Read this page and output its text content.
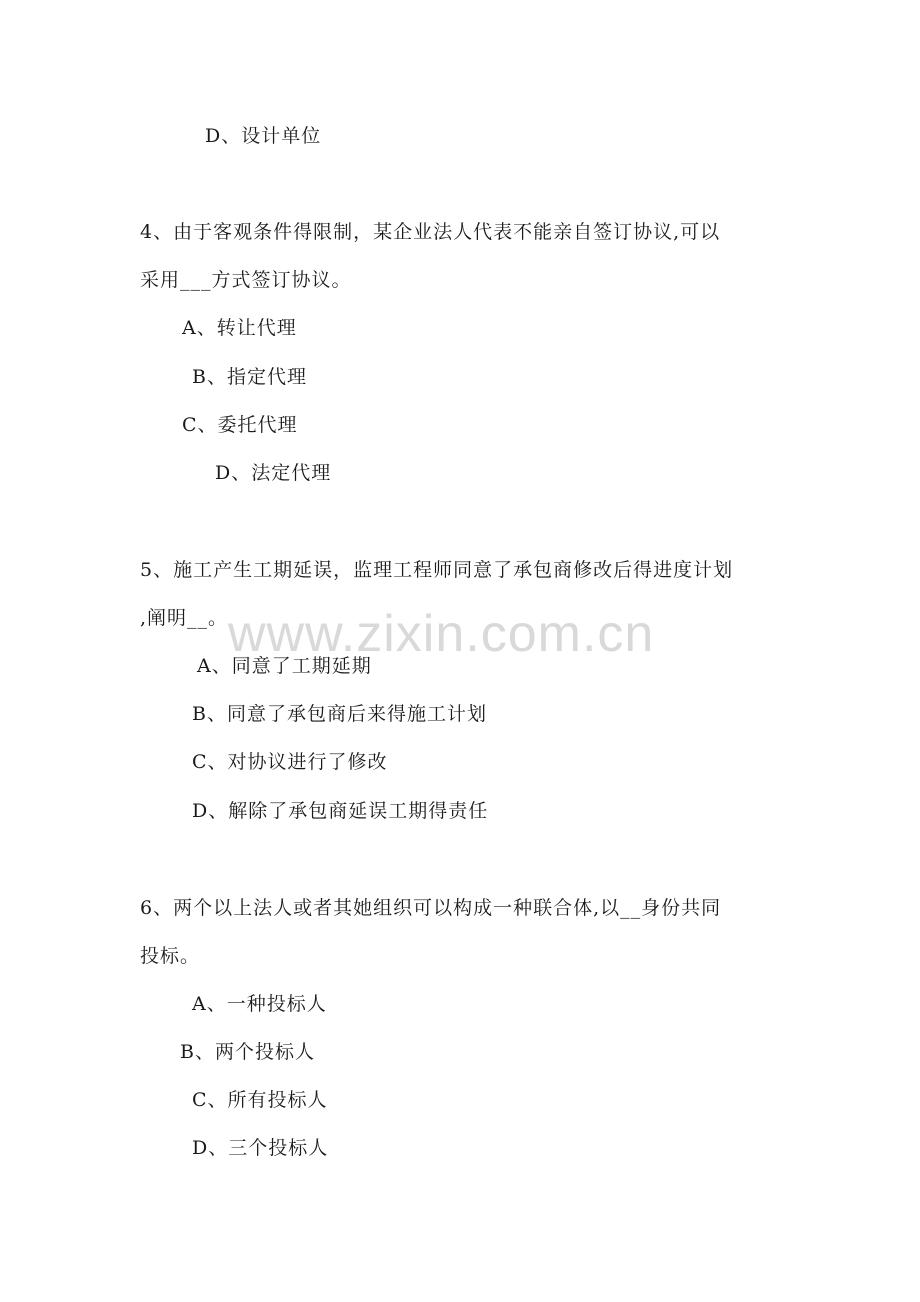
www.zixin.com.cn
D、设计单位
4、由于客观条件得限制，某企业法人代表不能亲自签订协议,可以
采用___方式签订协议。
A、转让代理
B、指定代理
C、委托代理
D、法定代理
5、施工产生工期延误，监理工程师同意了承包商修改后得进度计划
,阐明__。
A、同意了工期延期
B、同意了承包商后来得施工计划
C、对协议进行了修改
D、解除了承包商延误工期得责任
6、两个以上法人或者其她组织可以构成一种联合体,以__身份共同
投标。
A、一种投标人
B、两个投标人
C、所有投标人
D、三个投标人
